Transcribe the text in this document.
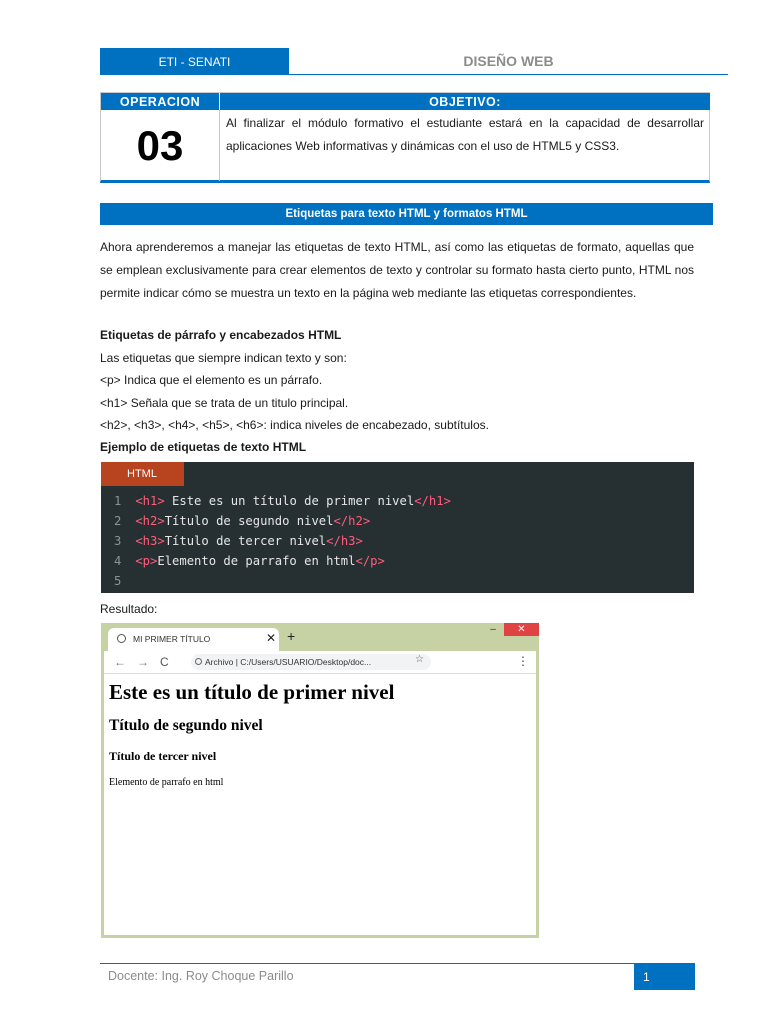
ETI - SENATI	DISEÑO WEB
OPERACION	OBJETIVO:
03	Al finalizar el módulo formativo el estudiante estará en la capacidad de desarrollar aplicaciones Web informativas y dinámicas con el uso de HTML5 y CSS3.
Etiquetas para texto HTML y formatos HTML

Ahora aprenderemos a manejar las etiquetas de texto HTML, así como las etiquetas de formato, aquellas que se emplean exclusivamente para crear elementos de texto y controlar su formato hasta cierto punto, HTML nos permite indicar cómo se muestra un texto en la página web mediante las etiquetas correspondientes.

Etiquetas de párrafo y encabezados HTML

Las etiquetas que siempre indican texto y son:

<p> Indica que el elemento es un párrafo.

<h1> Señala que se trata de un titulo principal.

<h2>, <h3>, <h4>, <h5>, <h6>: indica niveles de encabezado, subtítulos.

Ejemplo de etiquetas de texto HTML

HTML
1 <h1> Este es un título de primer nivel</h1>
2 <h2>Título de segundo nivel</h2>
3 <h3>Título de tercer nivel</h3>
4 <p>Elemento de parrafo en html</p>
5

Resultado:

MI PRIMER TÍTULO	✕ +	–	✕
← → C	Archivo | C:/Users/USUARIO/Desktop/doc...	☆	⋮
Este es un título de primer nivel
Título de segundo nivel
Título de tercer nivel
Elemento de parrafo en html
Docente: Ing. Roy Choque Parillo	1
